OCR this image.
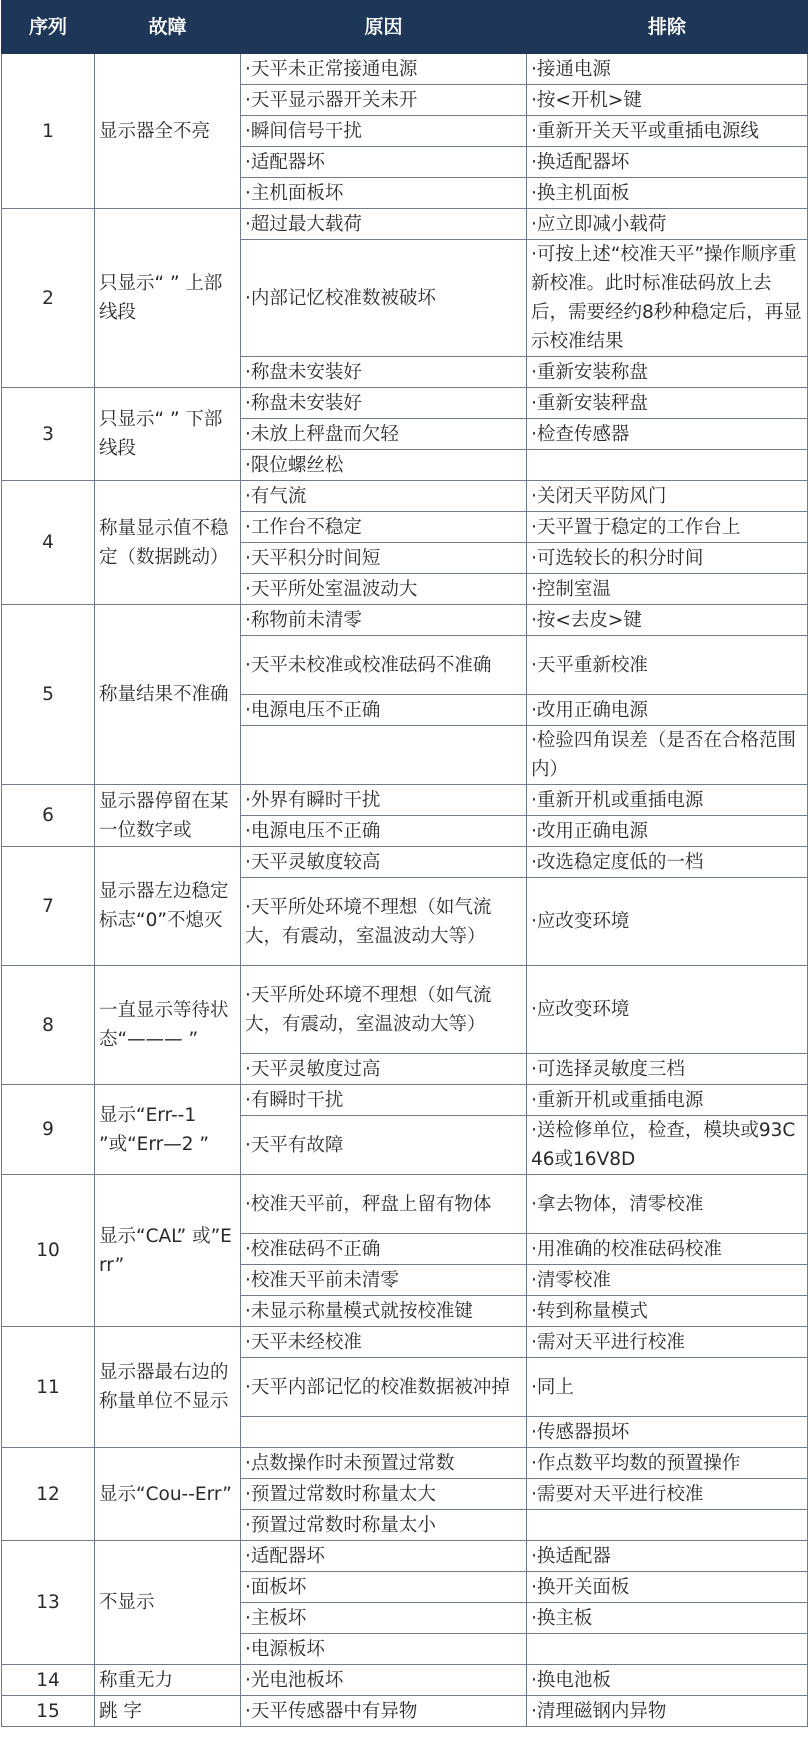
序列	故障	原因	排除
1	显示器全不亮	·天平未正常接通电源	·接通电源
		·天平显示器开关未开	·按<开机>键
		·瞬间信号干扰	·重新开关天平或重插电源线
		·适配器坏	·换适配器坏
		·主机面板坏	·换主机面板
2	只显示“ ” 上部线段	·超过最大载荷	·应立即减小载荷
		·内部记忆校准数被破坏	·可按上述“校准天平”操作顺序重新校准。此时标准砝码放上去后，需要经约8秒种稳定后，再显示校准结果
		·称盘未安装好	·重新安装称盘
3	只显示“ ” 下部线段	·称盘未安装好	·重新安装秤盘
		·未放上秤盘而欠轻	·检查传感器
		·限位螺丝松	
4	称量显示值不稳定（数据跳动）	·有气流	·关闭天平防风门
		·工作台不稳定	·天平置于稳定的工作台上
		·天平积分时间短	·可选较长的积分时间
		·天平所处室温波动大	·控制室温
5	称量结果不准确	·称物前未清零	·按<去皮>键
		·天平未校准或校准砝码不准确	·天平重新校准
		·电源电压不正确	·改用正确电源
			·检验四角误差（是否在合格范围内）
6	显示器停留在某一位数字或	·外界有瞬时干扰	·重新开机或重插电源
		·电源电压不正确	·改用正确电源
7	显示器左边稳定标志“0”不熄灭	·天平灵敏度较高	·改选稳定度低的一档
		·天平所处环境不理想（如气流大，有震动，室温波动大等）	·应改变环境
8	一直显示等待状态“——— ”	·天平所处环境不理想（如气流大，有震动，室温波动大等）	·应改变环境
		·天平灵敏度过高	·可选择灵敏度三档
9	显示“Err--1 ”或“Err—2 ”	·有瞬时干扰	·重新开机或重插电源
		·天平有故障	·送检修单位，检查，模块或93C46或16V8D
10	显示“CAL” 或”Err”	·校准天平前，秤盘上留有物体	·拿去物体，清零校准
		·校准砝码不正确	·用准确的校准砝码校准
		·校准天平前未清零	·清零校准
		·未显示称量模式就按校准键	·转到称量模式
11	显示器最右边的称量单位不显示	·天平未经校准	·需对天平进行校准
		·天平内部记忆的校准数据被冲掉	·同上
			·传感器损坏
12	显示“Cou--Err”	·点数操作时未预置过常数	·作点数平均数的预置操作
		·预置过常数时称量太大	·需要对天平进行校准
		·预置过常数时称量太小	
13	不显示	·适配器坏	·换适配器
		·面板坏	·换开关面板
		·主板坏	·换主板
		·电源板坏	
14	称重无力	·光电池板坏	·换电池板
15	跳 字	·天平传感器中有异物	·清理磁钢内异物
